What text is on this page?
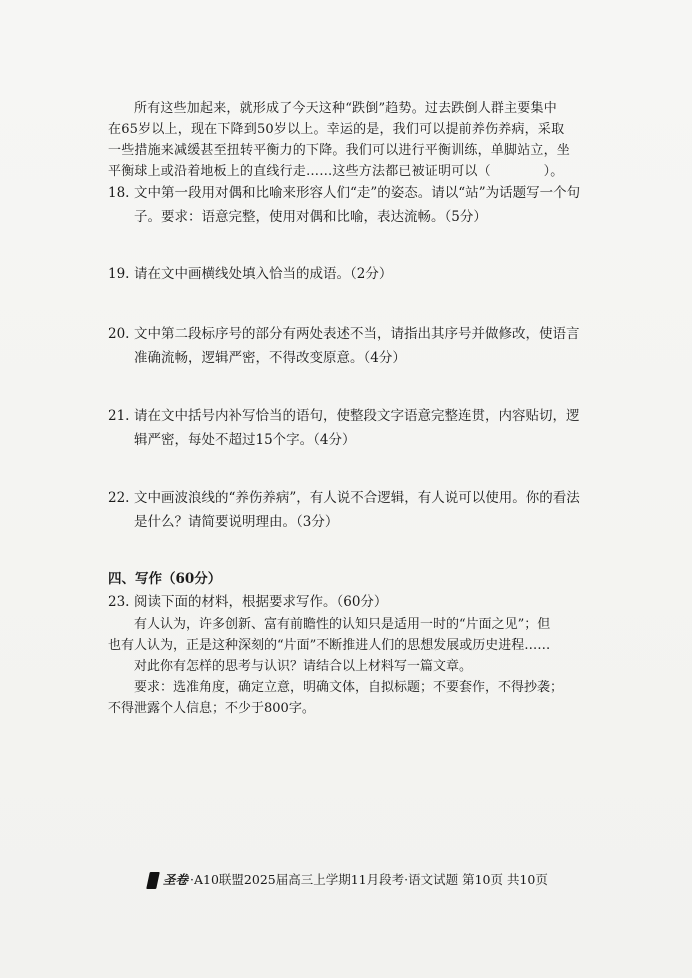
所有这些加起来，就形成了今天这种“跌倒”趋势。过去跌倒人群主要集中

在65岁以上，现在下降到50岁以上。幸运的是，我们可以提前养伤养病，采取

一些措施来减缓甚至扭转平衡力的下降。我们可以进行平衡训练，单脚站立，坐

平衡球上或沿着地板上的直线行走……这些方法都已被证明可以（　　　　）。

18. 文中第一段用对偶和比喻来形容人们“走”的姿态。请以“站”为话题写一个句子。要求：语意完整，使用对偶和比喻，表达流畅。（5分）

19. 请在文中画横线处填入恰当的成语。（2分）

20. 文中第二段标序号的部分有两处表述不当，请指出其序号并做修改，使语言准确流畅，逻辑严密，不得改变原意。（4分）

21. 请在文中括号内补写恰当的语句，使整段文字语意完整连贯，内容贴切，逻辑严密，每处不超过15个字。（4分）

22. 文中画波浪线的“养伤养病”，有人说不合逻辑，有人说可以使用。你的看法是什么？请简要说明理由。（3分）

四、写作（60分）

23. 阅读下面的材料，根据要求写作。（60分）

有人认为，许多创新、富有前瞻性的认知只是适用一时的“片面之见”；但

也有人认为，正是这种深刻的“片面”不断推进人们的思想发展或历史进程……

对此你有怎样的思考与认识？请结合以上材料写一篇文章。

要求：选准角度，确定立意，明确文体，自拟标题；不要套作，不得抄袭；

不得泄露个人信息；不少于800字。

圣卷 ·A10联盟2025届高三上学期11月段考·语文试题 第10页 共10页
